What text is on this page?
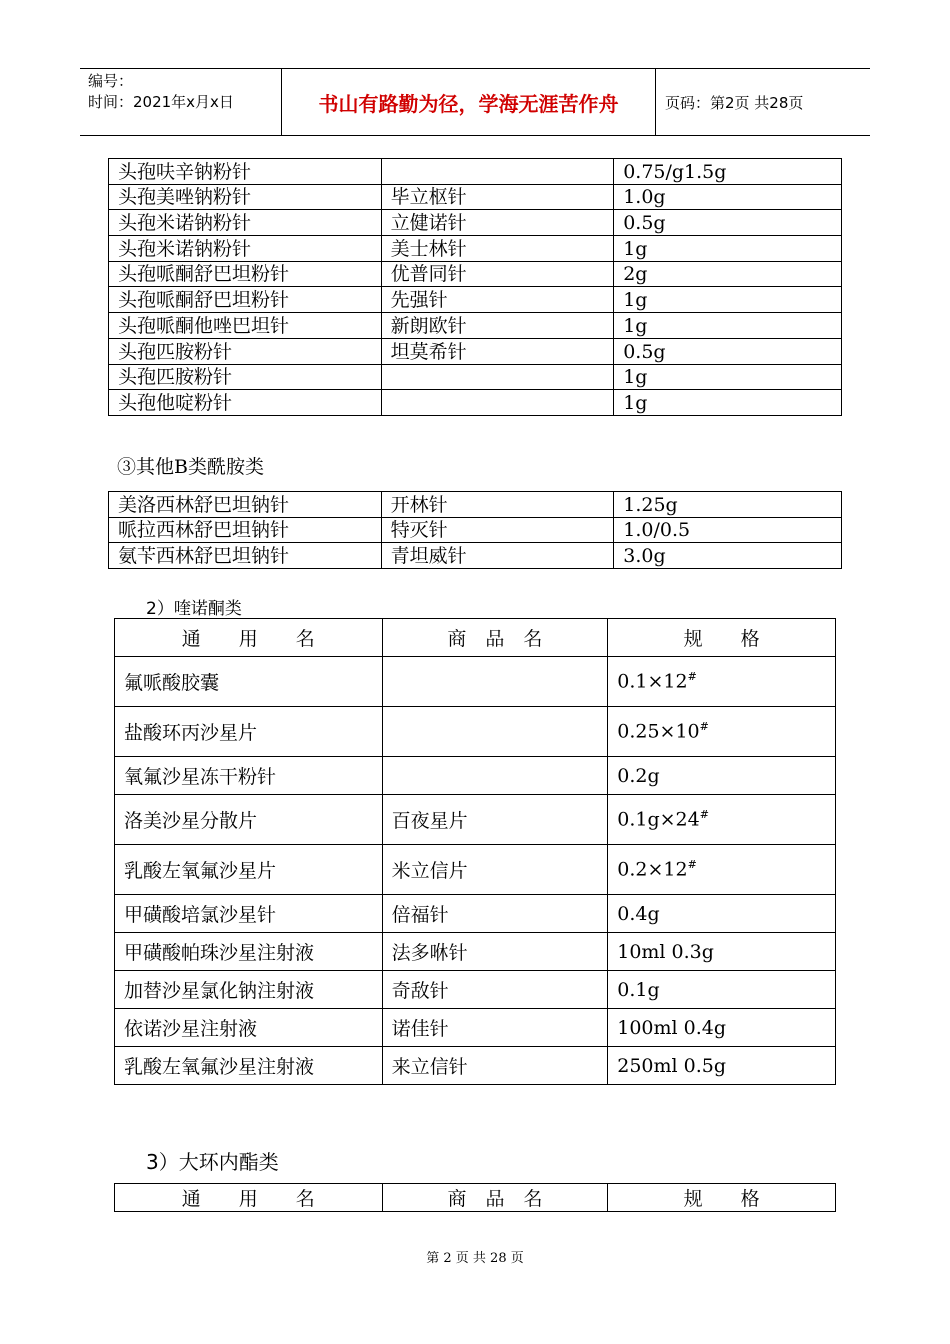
编号：
时间：2021年x月x日	书山有路勤为径，学海无涯苦作舟	页码：第2页 共28页
头孢呋辛钠粉针		0.75/g1.5g
头孢美唑钠粉针	毕立枢针	1.0g
头孢米诺钠粉针	立健诺针	0.5g
头孢米诺钠粉针	美士林针	1g
头孢哌酮舒巴坦粉针	优普同针	2g
头孢哌酮舒巴坦粉针	先强针	1g
头孢哌酮他唑巴坦针	新朗欧针	1g
头孢匹胺粉针	坦莫希针	0.5g
头孢匹胺粉针		1g
头孢他啶粉针		1g
③其他B类酰胺类
美洛西林舒巴坦钠针	开林针	1.25g
哌拉西林舒巴坦钠针	特灭针	1.0/0.5
氨苄西林舒巴坦钠针	青坦威针	3.0g
2）喹诺酮类
通　　用　　名	商　品　名	规　　格
氟哌酸胶囊		0.1×12#
盐酸环丙沙星片		0.25×10#
氧氟沙星冻干粉针		0.2g
洛美沙星分散片	百夜星片	0.1g×24#
乳酸左氧氟沙星片	米立信片	0.2×12#
甲磺酸培氯沙星针	倍福针	0.4g
甲磺酸帕珠沙星注射液	法多咻针	10ml 0.3g
加替沙星氯化钠注射液	奇敌针	0.1g
依诺沙星注射液	诺佳针	100ml 0.4g
乳酸左氧氟沙星注射液	来立信针	250ml 0.5g
3）大环内酯类
通　　用　　名	商　品　名	规　　格
第 2 页 共 28 页
